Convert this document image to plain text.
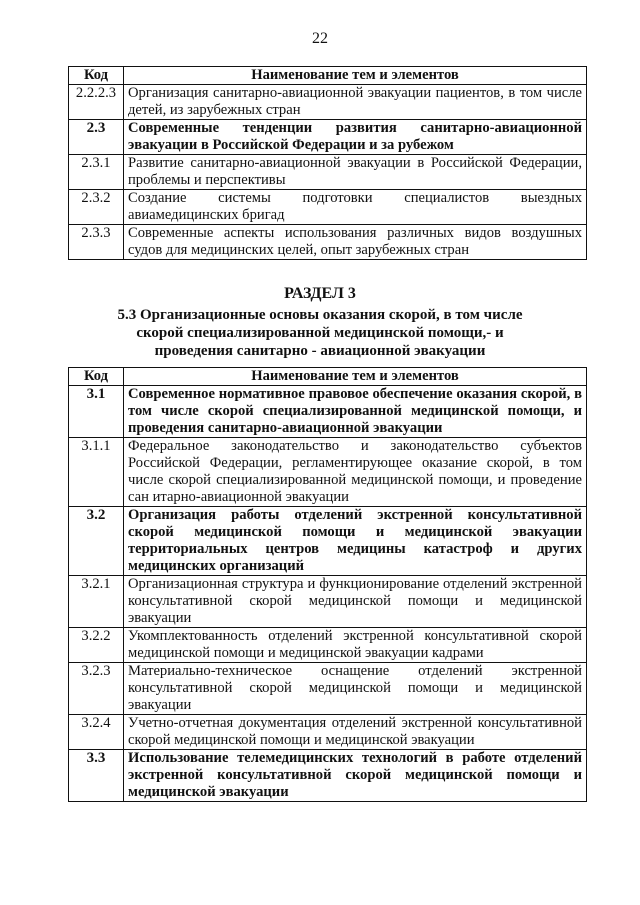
22
Код	Наименование тем и элементов
2.2.2.3	Организация санитарно-авиационной эвакуации пациентов, в том числе детей, из зарубежных стран
2.3	Современные тенденции развития санитарно-авиационной эвакуации в Российской Федерации и за рубежом
2.3.1	Развитие санитарно-авиационной эвакуации в Российской Федерации, проблемы и перспективы
2.3.2	Создание системы подготовки специалистов выездных авиамедицинских бригад
2.3.3	Современные аспекты использования различных видов воздушных судов для медицинских целей, опыт зарубежных стран
РАЗДЕЛ 3
5.3 Организационные основы оказания скорой, в том числе скорой специализированной медицинской помощи,- и проведения санитарно - авиационной эвакуации
Код	Наименование тем и элементов
3.1	Современное нормативное правовое обеспечение оказания скорой, в том числе скорой специализированной медицинской помощи, и проведения санитарно-авиационной эвакуации
3.1.1	Федеральное законодательство и законодательство субъектов Российской Федерации, регламентирующее оказание скорой, в том числе скорой специализированной медицинской помощи, и проведение сан итарно-авиационной эвакуации
3.2	Организация работы отделений экстренной консультативной скорой медицинской помощи и медицинской эвакуации территориальных центров медицины катастроф и других медицинских организаций
3.2.1	Организационная структура и функционирование отделений экстренной консультативной скорой медицинской помощи и медицинской эвакуации
3.2.2	Укомплектованность отделений экстренной консультативной скорой медицинской помощи и медицинской эвакуации кадрами
3.2.3	Материально-техническое оснащение отделений экстренной консультативной скорой медицинской помощи и медицинской эвакуации
3.2.4	Учетно-отчетная документация отделений экстренной консультативной скорой медицинской помощи и медицинской эвакуации
3.3	Использование телемедицинских технологий в работе отделений экстренной консультативной скорой медицинской помощи и медицинской эвакуации
